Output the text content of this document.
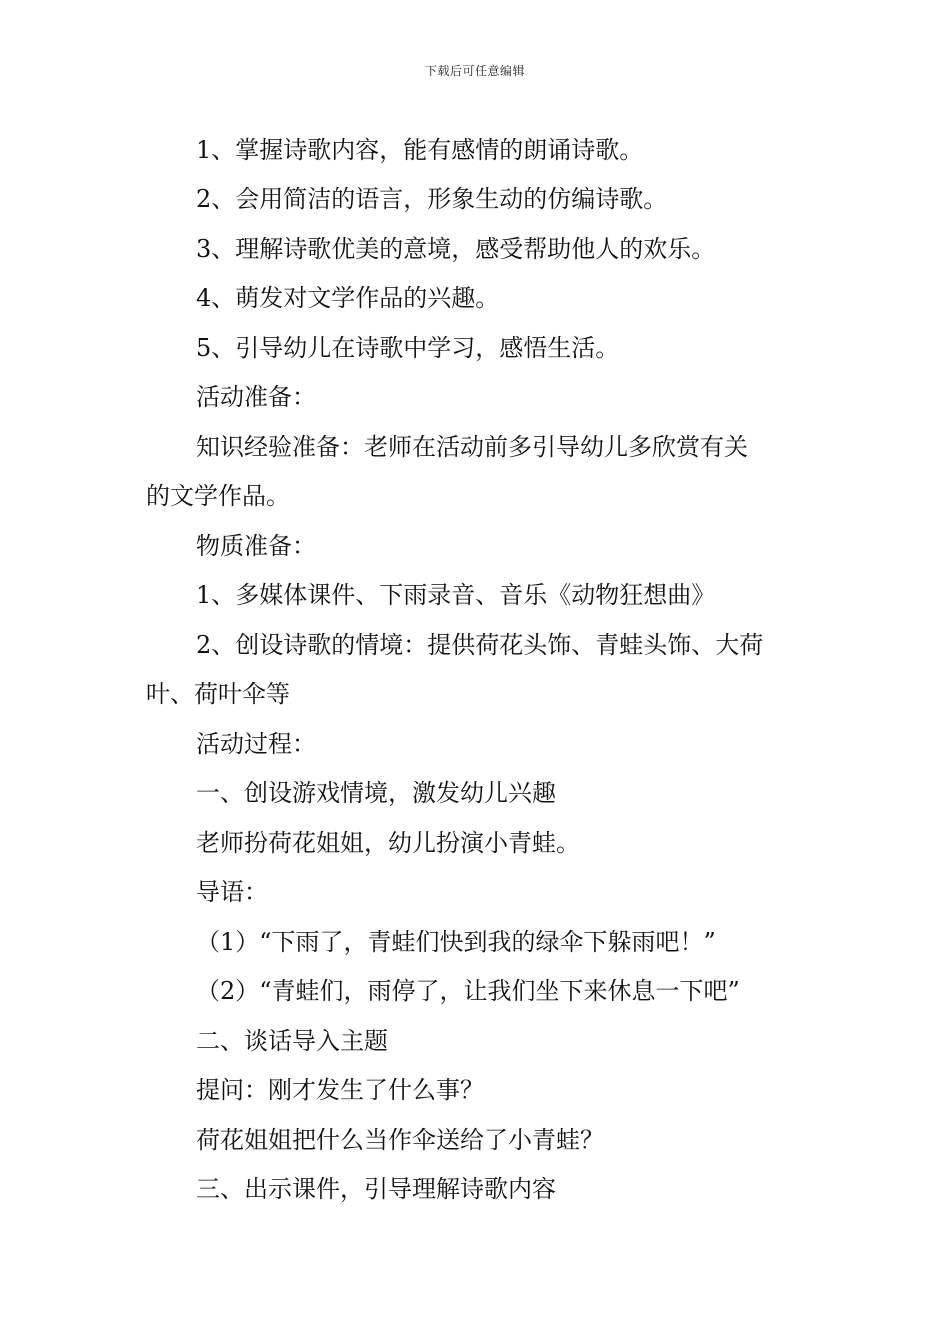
下载后可任意编辑
1、掌握诗歌内容，能有感情的朗诵诗歌。
2、会用简洁的语言，形象生动的仿编诗歌。
3、理解诗歌优美的意境，感受帮助他人的欢乐。
4、萌发对文学作品的兴趣。
5、引导幼儿在诗歌中学习，感悟生活。
活动准备：
知识经验准备：老师在活动前多引导幼儿多欣赏有关
的文学作品。
物质准备：
1、多媒体课件、下雨录音、音乐《动物狂想曲》
2、创设诗歌的情境：提供荷花头饰、青蛙头饰、大荷
叶、荷叶伞等
活动过程：
一、创设游戏情境，激发幼儿兴趣
老师扮荷花姐姐，幼儿扮演小青蛙。
导语：
（1）“下雨了，青蛙们快到我的绿伞下躲雨吧！”
（2）“青蛙们，雨停了，让我们坐下来休息一下吧”
二、谈话导入主题
提问：刚才发生了什么事？
荷花姐姐把什么当作伞送给了小青蛙？
三、出示课件，引导理解诗歌内容
